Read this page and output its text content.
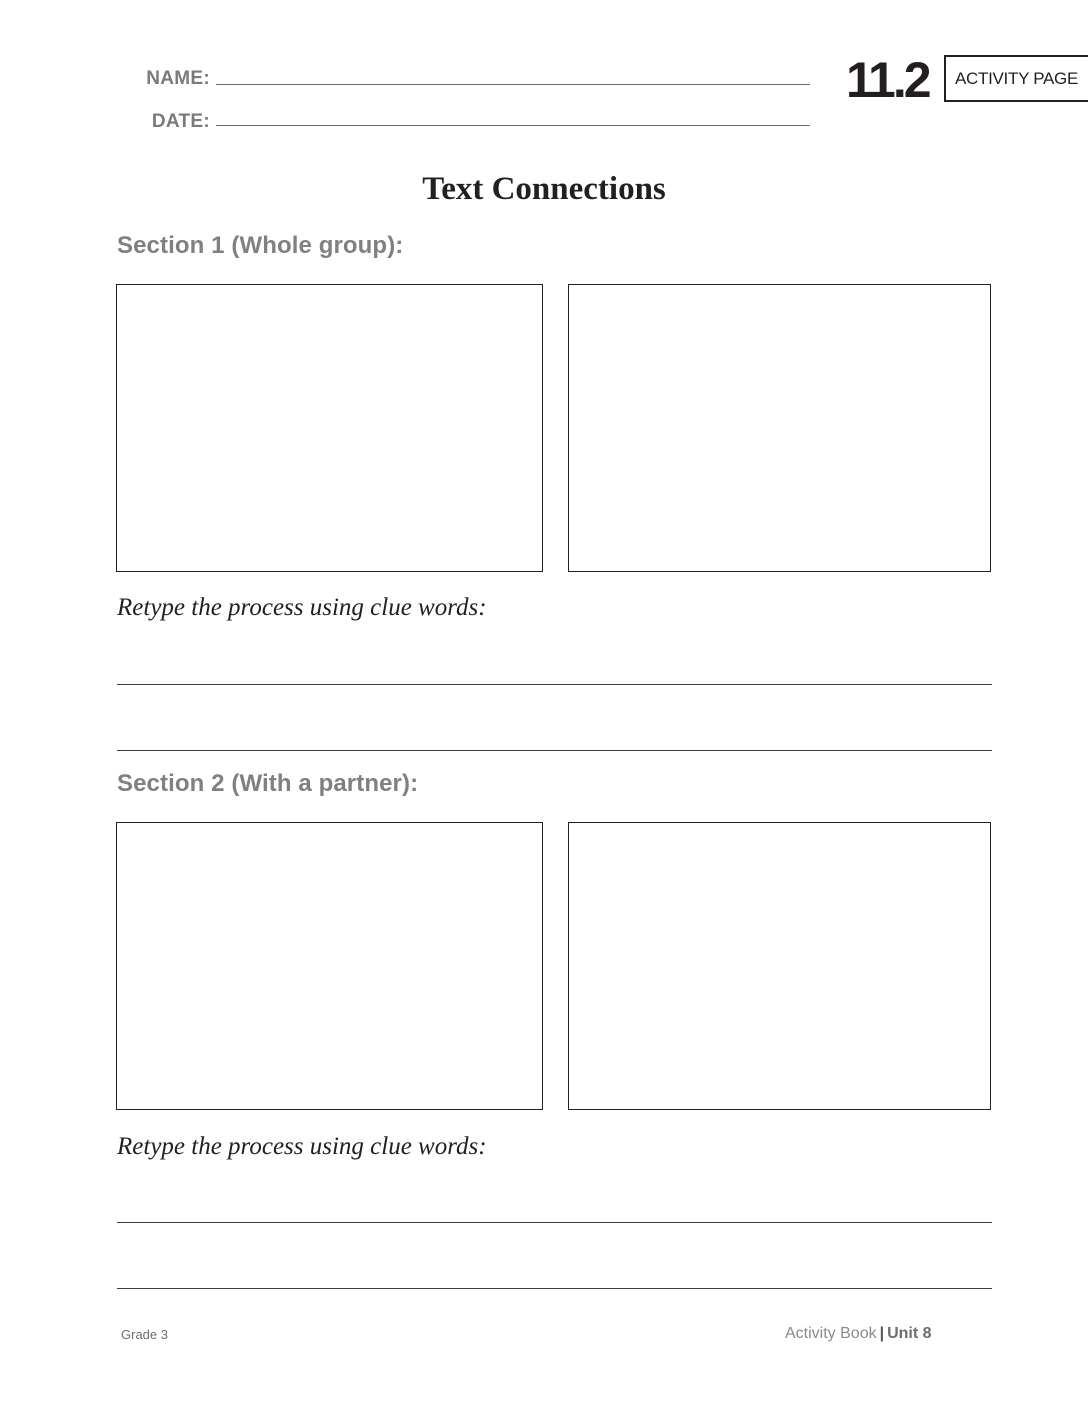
NAME:
DATE:
11.2	ACTIVITY PAGE
Text Connections
Section 1 (Whole group):
Retype the process using clue words:
Section 2 (With a partner):
Retype the process using clue words:
Grade 3	Activity Book | Unit 8
